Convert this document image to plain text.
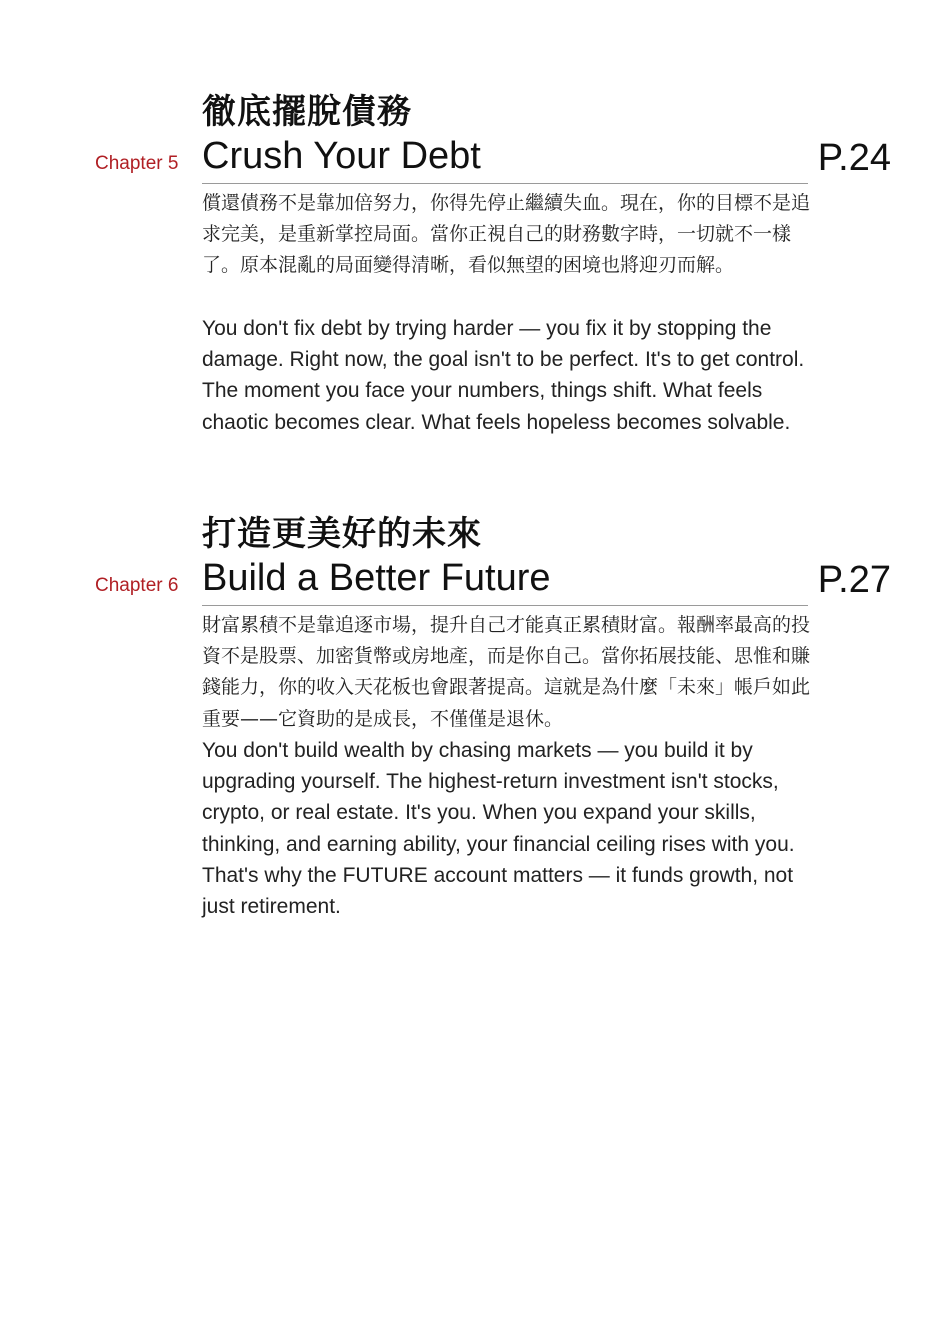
徹底擺脫債務
Chapter 5 Crush Your Debt	P.24

償還債務不是靠加倍努力，你得先停止繼續失血。現在，你的目標不是追求完美，是重新掌控局面。當你正視自己的財務數字時，一切就不一樣了。原本混亂的局面變得清晰，看似無望的困境也將迎刃而解。

You don't fix debt by trying harder — you fix it by stopping the damage. Right now, the goal isn't to be perfect. It's to get control. The moment you face your numbers, things shift. What feels chaotic becomes clear. What feels hopeless becomes solvable.

打造更美好的未來
Chapter 6 Build a Better Future	P.27

財富累積不是靠追逐市場，提升自己才能真正累積財富。報酬率最高的投資不是股票、加密貨幣或房地產，而是你自己。當你拓展技能、思惟和賺錢能力，你的收入天花板也會跟著提高。這就是為什麼「未來」帳戶如此重要——它資助的是成長，不僅僅是退休。

You don't build wealth by chasing markets — you build it by upgrading yourself. The highest-return investment isn't stocks, crypto, or real estate. It's you. When you expand your skills, thinking, and earning ability, your financial ceiling rises with you. That's why the FUTURE account matters — it funds growth, not just retirement.
